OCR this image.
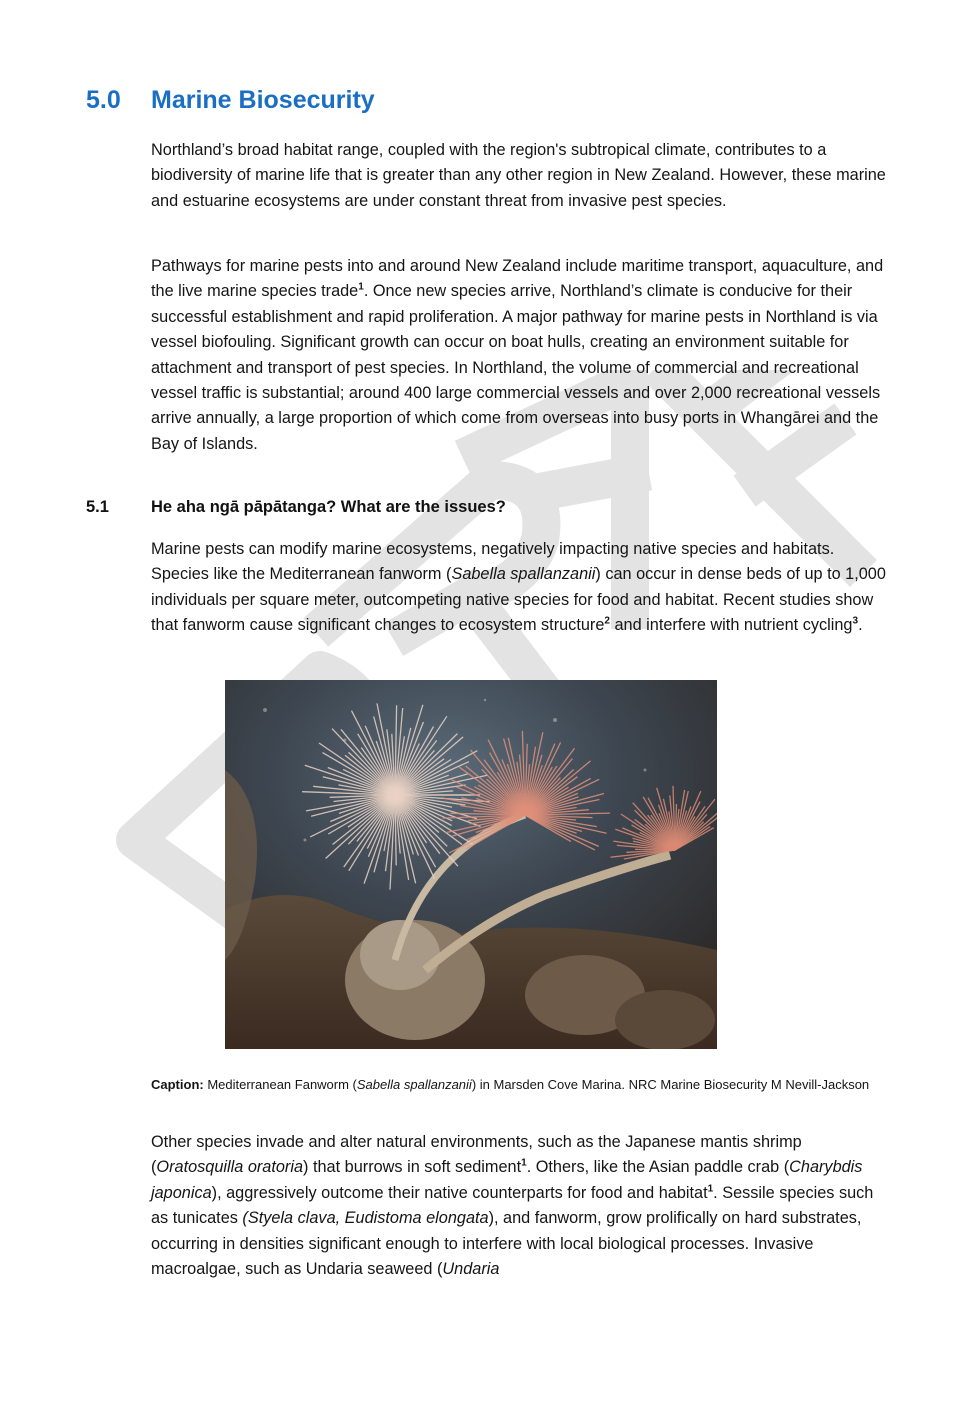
5.0 Marine Biosecurity
Northland’s broad habitat range, coupled with the region's subtropical climate, contributes to a biodiversity of marine life that is greater than any other region in New Zealand. However, these marine and estuarine ecosystems are under constant threat from invasive pest species.
Pathways for marine pests into and around New Zealand include maritime transport, aquaculture, and the live marine species trade$^1$. Once new species arrive, Northland’s climate is conducive for their successful establishment and rapid proliferation. A major pathway for marine pests in Northland is via vessel biofouling. Significant growth can occur on boat hulls, creating an environment suitable for attachment and transport of pest species. In Northland, the volume of commercial and recreational vessel traffic is substantial; around 400 large commercial vessels and over 2,000 recreational vessels arrive annually, a large proportion of which come from overseas into busy ports in Whangārei and the Bay of Islands.
5.1	He aha ngā pāpātanga? What are the issues?
Marine pests can modify marine ecosystems, negatively impacting native species and habitats. Species like the Mediterranean fanworm (Sabella spallanzanii) can occur in dense beds of up to 1,000 individuals per square meter, outcompeting native species for food and habitat. Recent studies show that fanworm cause significant changes to ecosystem structure$^2$ and interfere with nutrient cycling$^3$.
Caption: Mediterranean Fanworm (Sabella spallanzanii) in Marsden Cove Marina. NRC Marine Biosecurity M Nevill-Jackson
Other species invade and alter natural environments, such as the Japanese mantis shrimp (Oratosquilla oratoria) that burrows in soft sediment$^1$. Others, like the Asian paddle crab (Charybdis japonica), aggressively outcome their native counterparts for food and habitat$^1$. Sessile species such as tunicates (Styela clava, Eudistoma elongata), and fanworm, grow prolifically on hard substrates, occurring in densities significant enough to interfere with local biological processes. Invasive macroalgae, such as Undaria seaweed (Undaria
